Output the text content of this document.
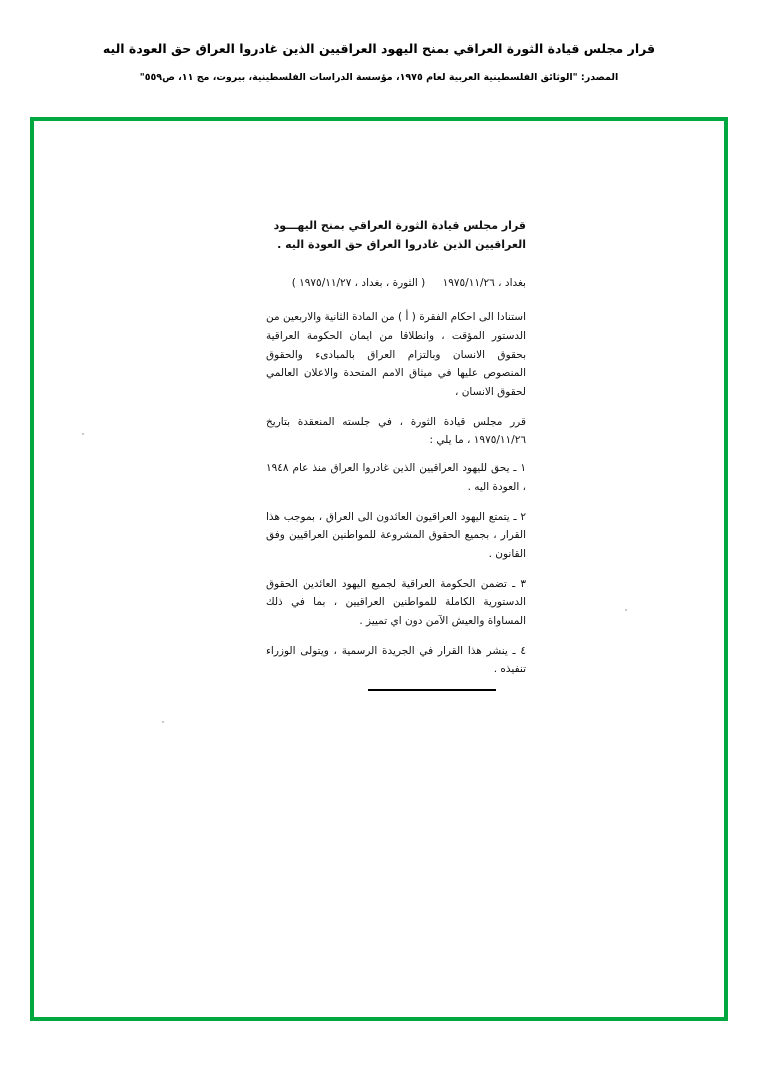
قرار مجلس قيادة الثورة العراقي بمنح اليهود العراقيين الذين غادروا العراق حق العودة اليه
المصدر: "الوثائق الفلسطينية العربية لعام ١٩٧٥، مؤسسة الدراسات الفلسطينية، بيروت، مج ١١، ص٥٥٩"
قرار مجلس قيادة الثورة العراقي بمنح اليهـــود العراقيين الذين غادروا العراق حق العودة اليه .
بغداد ، ١٩٧٥/١١/٢٦ ( الثورة ، بغداد ، ١٩٧٥/١١/٢٧ )

استنادا الى احكام الفقرة ( أ ) من المادة الثانية والاربعين من الدستور المؤقت ، وانطلاقا من ايمان الحكومة العراقية بحقوق الانسان وبالتزام العراق بالمبادىء والحقوق المنصوص عليها في ميثاق الامم المتحدة والاعلان العالمي لحقوق الانسان ،

قرر مجلس قيادة الثورة ، في جلسته المنعقدة بتاريخ ١٩٧٥/١١/٢٦ ، ما يلي :

١ ـ يحق لليهود العراقيين الذين غادروا العراق منذ عام ١٩٤٨ ، العودة اليه .

٢ ـ يتمتع اليهود العراقيون العائدون الى العراق ، بموجب هذا القرار ، بجميع الحقوق المشروعة للمواطنين العراقيين وفق القانون .

٣ ـ تضمن الحكومة العراقية لجميع اليهود العائدين الحقوق الدستورية الكاملة للمواطنين العراقيين ، بما في ذلك المساواة والعيش الآمن دون اي تمييز .

٤ ـ ينشر هذا القرار في الجريدة الرسمية ، ويتولى الوزراء تنفيذه .
